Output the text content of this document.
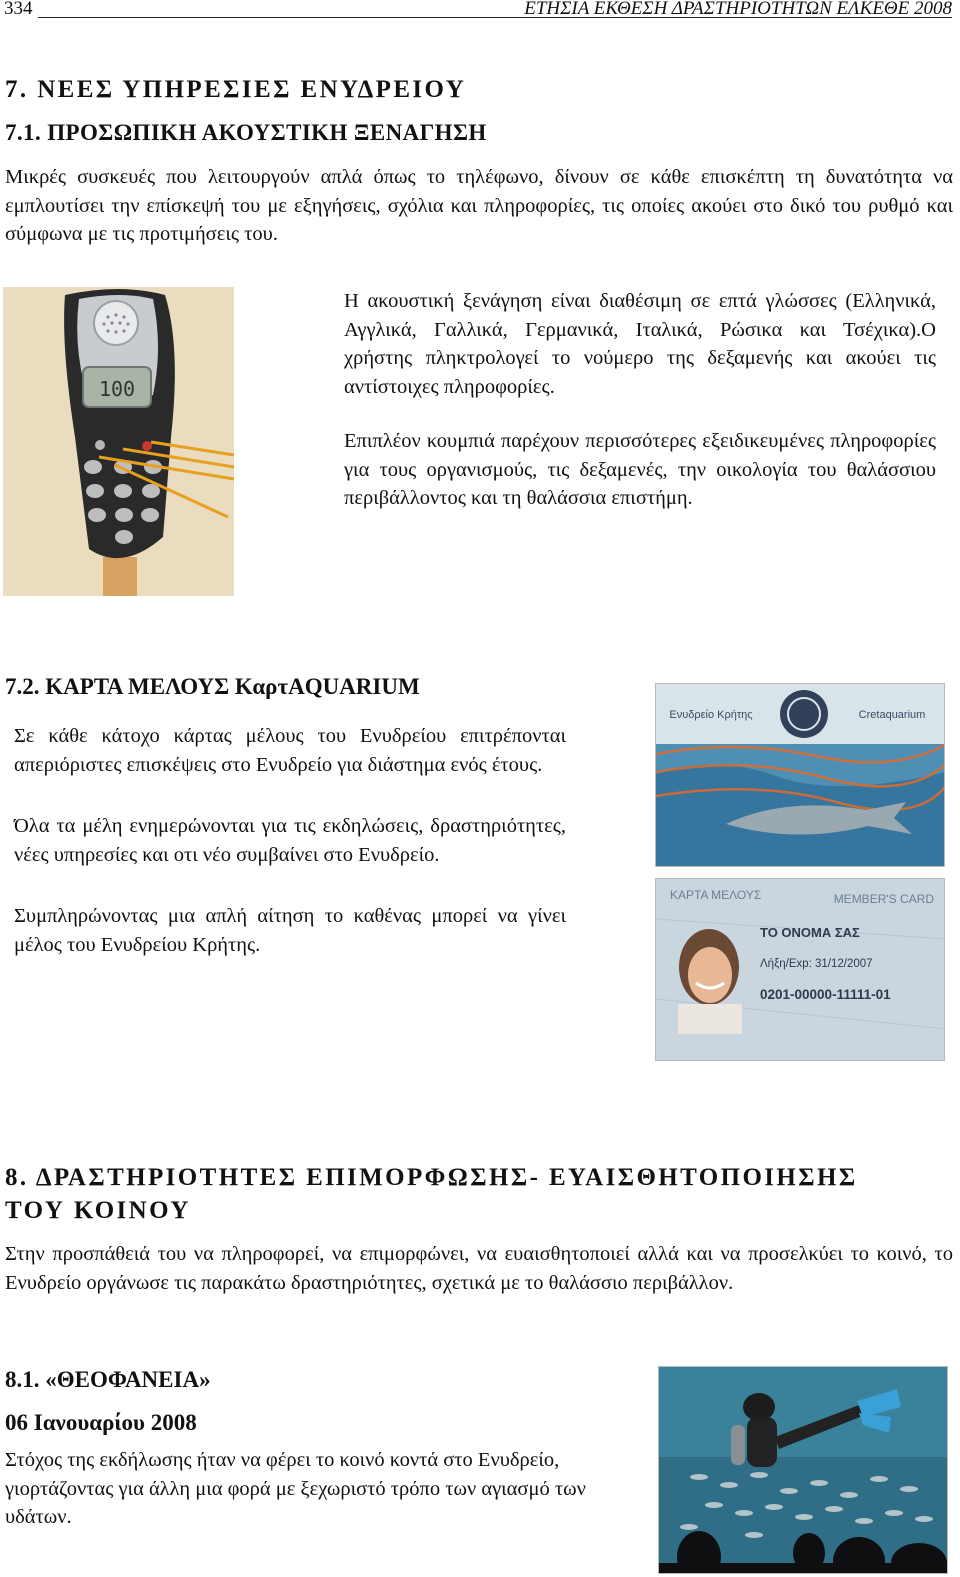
334	ΕΤΗΣΙΑ ΕΚΘΕΣΗ ΔΡΑΣΤΗΡΙΟΤΗΤΩΝ ΕΛΚΕΘΕ 2008
7. ΝΕΕΣ ΥΠΗΡΕΣΙΕΣ ΕΝΥΔΡΕΙΟΥ
7.1. ΠΡΟΣΩΠΙΚΗ ΑΚΟΥΣΤΙΚΗ ΞΕΝΑΓΗΣΗ
Μικρές συσκευές που λειτουργούν απλά όπως το τηλέφωνο, δίνουν σε κάθε επισκέπτη τη δυνατότητα να εμπλουτίσει την επίσκεψή του με εξηγήσεις, σχόλια και πληροφορίες, τις οποίες ακούει στο δικό του ρυθμό και σύμφωνα με τις προτιμήσεις του.
100
Η ακουστική ξενάγηση είναι διαθέσιμη σε επτά γλώσσες (Ελληνικά, Αγγλικά, Γαλλικά, Γερμανικά, Ιταλικά, Ρώσικα και Τσέχικα).Ο χρήστης πληκτρολογεί το νούμερο της δεξαμενής και ακούει τις αντίστοιχες πληροφορίες.
Επιπλέον κουμπιά παρέχουν περισσότερες εξειδικευμένες πληροφορίες για τους οργανισμούς, τις δεξαμενές, την οικολογία του θαλάσσιου περιβάλλοντος και τη θαλάσσια επιστήμη.
7.2. ΚΑΡΤΑ ΜΕΛΟΥΣ ΚαρτAQUARIUM
Σε κάθε κάτοχο κάρτας μέλους του Ενυδρείου επιτρέπονται απεριόριστες επισκέψεις στο Ενυδρείο για διάστημα ενός έτους.
Όλα τα μέλη ενημερώνονται για τις εκδηλώσεις, δραστηριότητες, νέες υπηρεσίες και οτι νέο συμβαίνει στο Ενυδρείο.
Συμπληρώνοντας μια απλή αίτηση το καθένας μπορεί να γίνει μέλος του Ενυδρείου Κρήτης.
Ενυδρείο Κρήτης	Cretaquarium
ΚΑΡΤΑ ΜΕΛΟΥΣ	MEMBER'S CARD
ΤΟ ΟΝΟΜΑ ΣΑΣ
Λήξη/Exp: 31/12/2007
0201-00000-11111-01
8. ΔΡΑΣΤΗΡΙΟΤΗΤΕΣ ΕΠΙΜΟΡΦΩΣΗΣ- ΕΥΑΙΣΘΗΤΟΠΟΙΗΣΗΣ
ΤΟΥ ΚΟΙΝΟΥ
Στην προσπάθειά του να πληροφορεί, να επιμορφώνει, να ευαισθητοποιεί αλλά και να προσελκύει το κοινό, το Ενυδρείο οργάνωσε τις παρακάτω δραστηριότητες, σχετικά με το θαλάσσιο περιβάλλον.
8.1. «ΘΕΟΦΑΝΕΙΑ»
06 Ιανουαρίου 2008
Στόχος της εκδήλωσης ήταν να φέρει το κοινό κοντά στο Ενυδρείο, γιορτάζοντας για άλλη μια φορά με ξεχωριστό τρόπο των αγιασμό των υδάτων.
